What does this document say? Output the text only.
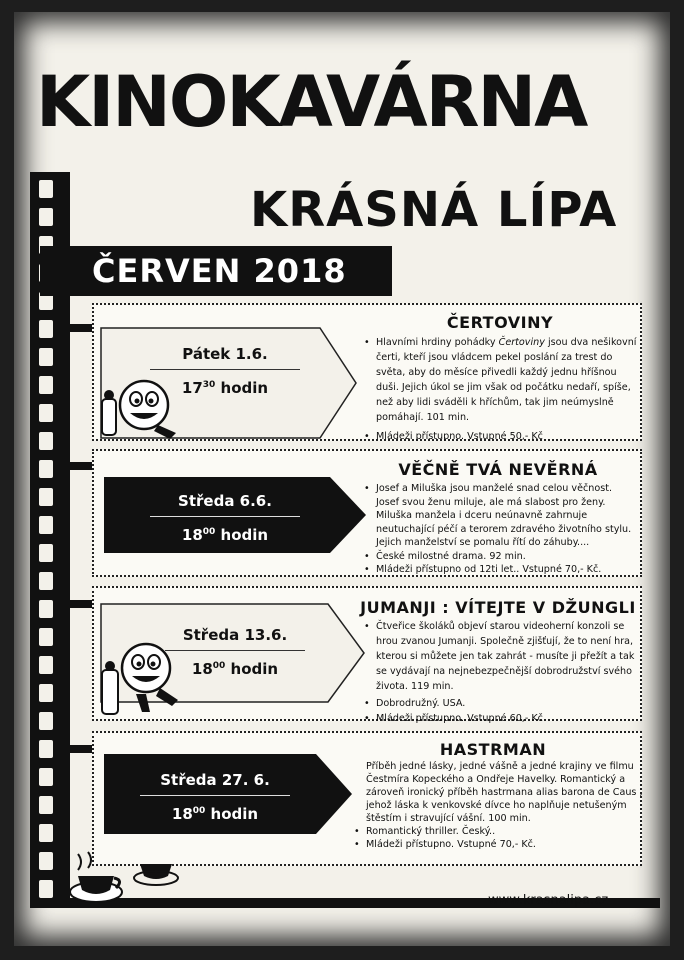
KINOKAVÁRNA
KRÁSNÁ LÍPA
ČERVEN 2018
Pátek 1.6.
$17^{30}$ hodin
ČERTOVINY
• Hlavními hrdiny pohádky Čertoviny jsou dva nešikovní čerti, kteří jsou vládcem pekel poslání za trest do světa, aby do měsíce přivedli každý jednu hříšnou duši. Jejich úkol se jim však od počátku nedaří, spíše, než aby lidi sváděli k hříchům, tak jim neúmyslně pomáhají. 101 min.
• Mládeži přístupno. Vstupné 50,- Kč
Středa 6.6.
$18^{00}$ hodin
VĚČNĚ TVÁ NEVĚRNÁ
• Josef a Miluška jsou manželé snad celou věčnost. Josef svou ženu miluje, ale má slabost pro ženy. Miluška manžela i dceru neúnavně zahrnuje neutuchající péčí a terorem zdravého životního stylu. Jejich manželství se pomalu řítí do záhuby....
• České milostné drama. 92 min.
• Mládeži přístupno od 12ti let.. Vstupné 70,- Kč.
Středa 13.6.
$18^{00}$ hodin
JUMANJI : VÍTEJTE V DŽUNGLI
• Čtveřice školáků objeví starou videoherní konzoli se hrou zvanou Jumanji. Společně zjišťují, že to není hra, kterou si můžete jen tak zahrát - musíte ji přežít a tak se vydávají na nejnebezpečnější dobrodružství svého života. 119 min.
• Dobrodružný. USA.
• Mládeži přístupno. Vstupné 60,- Kč
Středa 27. 6.
$18^{00}$ hodin
HASTRMAN
Příběh jedné lásky, jedné vášně a jedné krajiny ve filmu Čestmíra Kopeckého a Ondřeje Havelky. Romantický a zároveň ironický příběh hastrmana alias barona de Caus , jehož láska k venkovské dívce ho naplňuje netušeným štěstím i stravující vášní. 100 min.
• Romantický thriller. Český..
• Mládeži přístupno. Vstupné 70,- Kč.
www.krasnalipa.cz
